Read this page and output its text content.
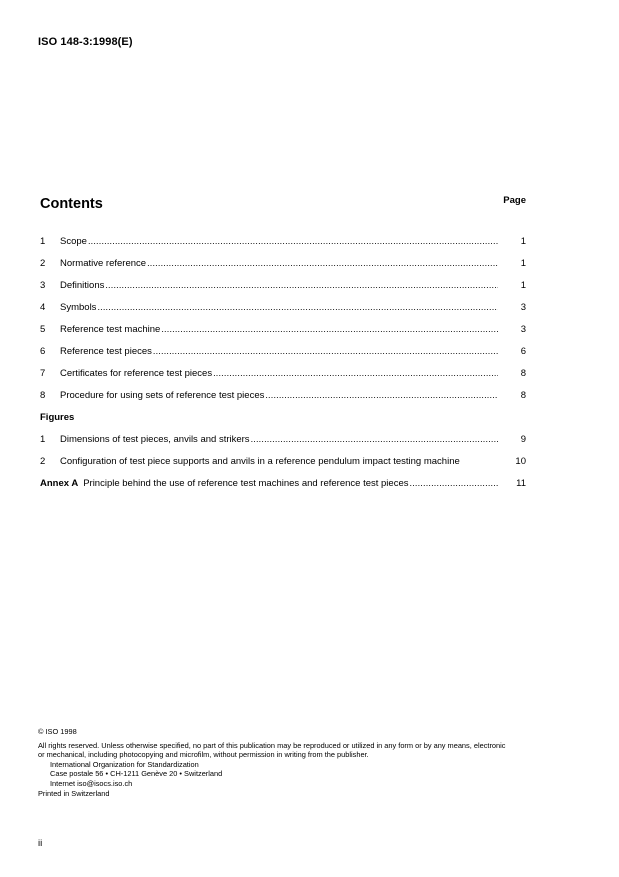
ISO 148-3:1998(E)
Contents	Page
1	Scope .....	1
2	Normative reference .....	1
3	Definitions .....	1
4	Symbols .....	3
5	Reference test machine .....	3
6	Reference test pieces .....	6
7	Certificates for reference test pieces .....	8
8	Procedure for using sets of reference test pieces .....	8
Figures
1	Dimensions of test pieces, anvils and strikers .....	9
2	Configuration of test piece supports and anvils in a reference pendulum impact testing machine	10
Annex A Principle behind the use of reference test machines and reference test pieces .....	11
© ISO 1998
All rights reserved. Unless otherwise specified, no part of this publication may be reproduced or utilized in any form or by any means, electronic
or mechanical, including photocopying and microfilm, without permission in writing from the publisher.
International Organization for Standardization
Case postale 56 • CH-1211 Genève 20 • Switzerland
Internet iso@isocs.iso.ch
Printed in Switzerland
ii
